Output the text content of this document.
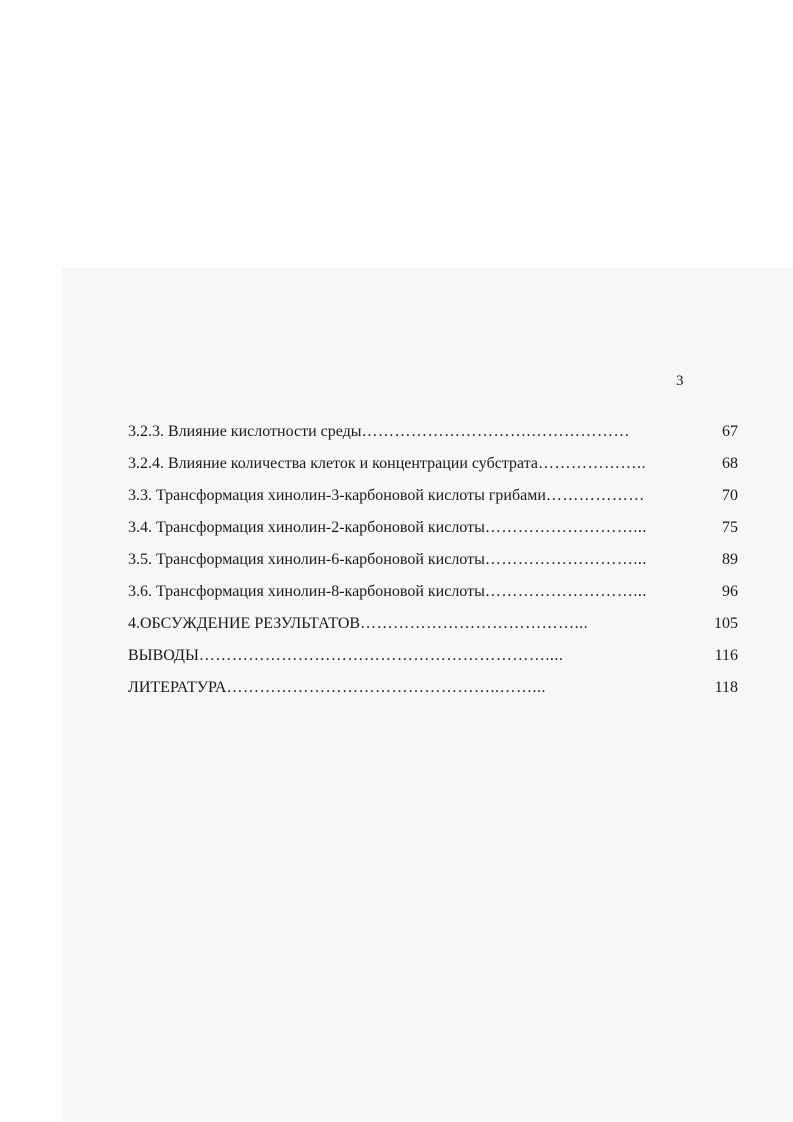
3
3.2.3. Влияние кислотности среды ………………………….………………	67
3.2.4. Влияние количества клеток и концентрации субстрата ………………..	68
3.3. Трансформация хинолин-3-карбоновой кислоты грибами ………………	70
3.4. Трансформация хинолин-2-карбоновой кислоты ………………………...	75
3.5. Трансформация хинолин-6-карбоновой кислоты ………………………...	89
3.6. Трансформация хинолин-8-карбоновой кислоты ………………………...	96
4.ОБСУЖДЕНИЕ РЕЗУЛЬТАТОВ …………………………………...	105
ВЫВОДЫ ………………………………………………………....	116
ЛИТЕРАТУРА …………………………………………..……...	118
